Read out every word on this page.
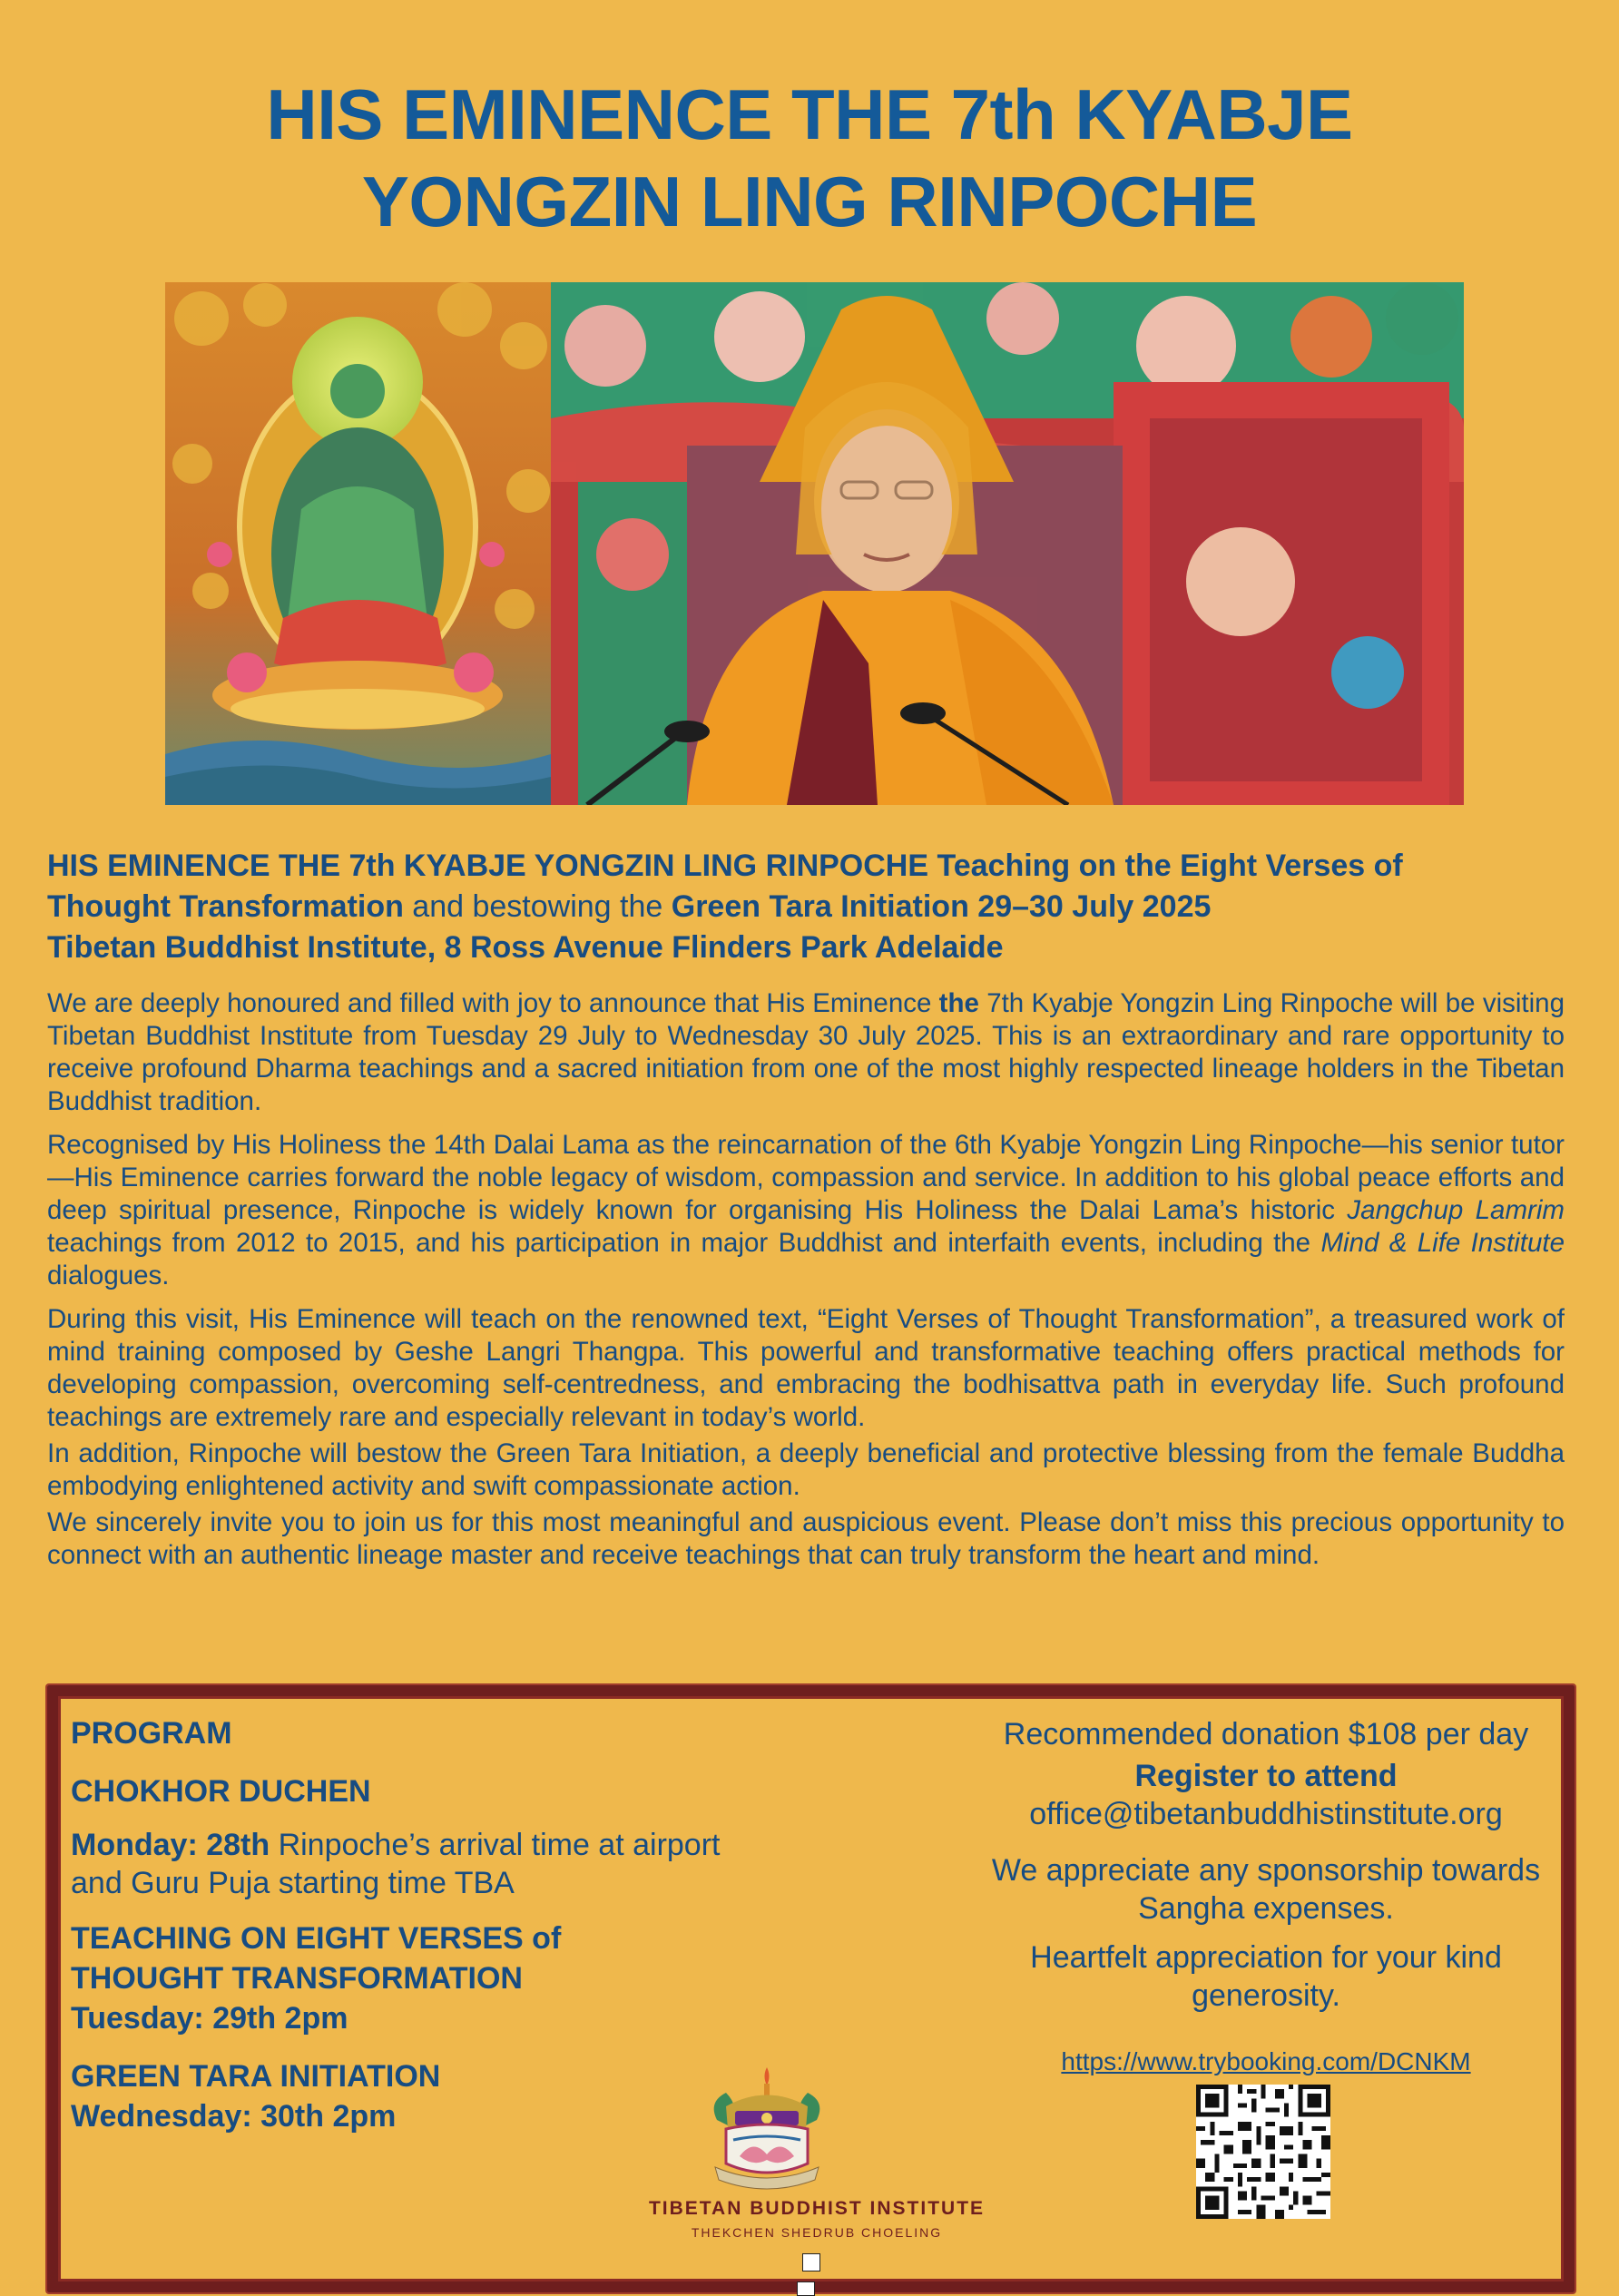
HIS EMINENCE THE 7th KYABJE
YONGZIN LING RINPOCHE
HIS EMINENCE THE 7th KYABJE YONGZIN LING RINPOCHE Teaching on the Eight Verses of
Thought Transformation and bestowing the Green Tara Initiation 29–30 July 2025
Tibetan Buddhist Institute, 8 Ross Avenue Flinders Park Adelaide

We are deeply honoured and filled with joy to announce that His Eminence the 7th Kyabje Yongzin Ling Rinpoche will be visiting Tibetan Buddhist Institute from Tuesday 29 July to Wednesday 30 July 2025. This is an extraordinary and rare opportunity to receive profound Dharma teachings and a sacred initiation from one of the most highly respected lineage holders in the Tibetan Buddhist tradition.

Recognised by His Holiness the 14th Dalai Lama as the reincarnation of the 6th Kyabje Yongzin Ling Rinpoche—his senior tutor—His Eminence carries forward the noble legacy of wisdom, compassion and service. In addition to his global peace efforts and deep spiritual presence, Rinpoche is widely known for organising His Holiness the Dalai Lama’s historic Jangchup Lamrim teachings from 2012 to 2015, and his participation in major Buddhist and interfaith events, including the Mind & Life Institute dialogues.

During this visit, His Eminence will teach on the renowned text, “Eight Verses of Thought Transformation”, a treasured work of mind training composed by Geshe Langri Thangpa. This powerful and transformative teaching offers practical methods for developing compassion, overcoming self-centredness, and embracing the bodhisattva path in everyday life. Such profound teachings are extremely rare and especially relevant in today’s world.

In addition, Rinpoche will bestow the Green Tara Initiation, a deeply beneficial and protective blessing from the female Buddha embodying enlightened activity and swift compassionate action.

We sincerely invite you to join us for this most meaningful and auspicious event. Please don’t miss this precious opportunity to connect with an authentic lineage master and receive teachings that can truly transform the heart and mind.

PROGRAM

CHOKHOR DUCHEN

Monday: 28th Rinpoche’s arrival time at airport

and Guru Puja starting time TBA

TEACHING ON EIGHT VERSES of

THOUGHT TRANSFORMATION

Tuesday: 29th 2pm

GREEN TARA INITIATION

Wednesday: 30th 2pm

Recommended donation $108 per day

Register to attend

office@tibetanbuddhistinstitute.org

We appreciate any sponsorship towards

Sangha expenses.

Heartfelt appreciation for your kind

generosity.

https://www.trybooking.com/DCNKM
TIBETAN BUDDHIST INSTITUTE
THEKCHEN SHEDRUB CHOELING
